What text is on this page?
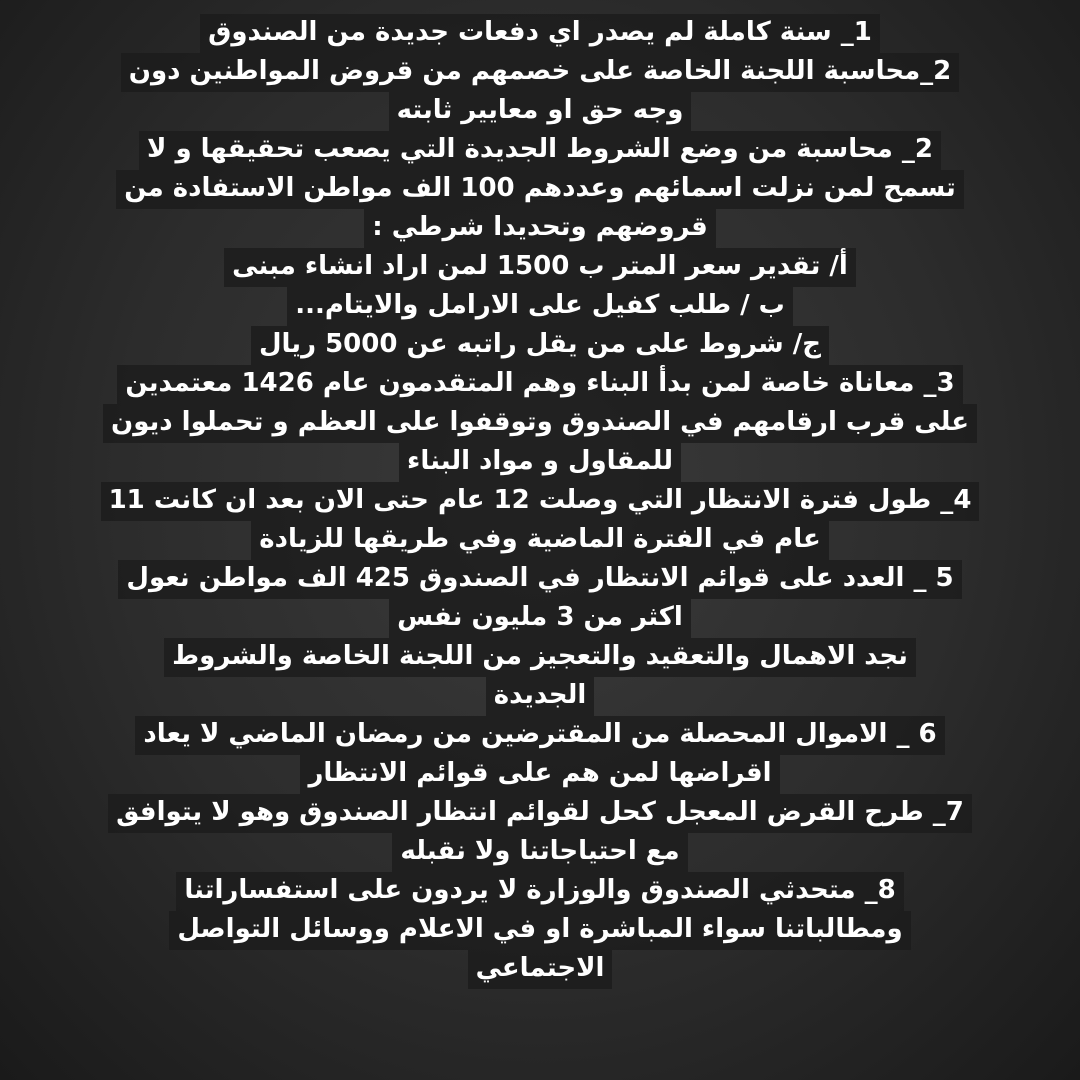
1_ سنة كاملة لم يصدر اي دفعات جديدة من الصندوق
2_محاسبة اللجنة الخاصة على خصمهم من قروض المواطنين دون
وجه حق او معايير ثابته
2_ محاسبة من وضع الشروط الجديدة التي يصعب تحقيقها و لا
تسمح لمن نزلت اسمائهم وعددهم 100 الف مواطن الاستفادة من
قروضهم وتحديدا شرطي :
أ/ تقدير سعر المتر ب 1500 لمن اراد انشاء مبنى
ب / طلب كفيل على الارامل والايتام...
ج/ شروط على من يقل راتبه عن 5000 ريال
3_ معاناة خاصة لمن بدأ البناء وهم المتقدمون عام 1426 معتمدين
على قرب ارقامهم في الصندوق وتوقفوا على العظم و تحملوا ديون
للمقاول و مواد البناء
4_ طول فترة الانتظار التي وصلت 12 عام حتى الان بعد ان كانت 11
عام في الفترة الماضية وفي طريقها للزيادة
5 _ العدد على قوائم الانتظار في الصندوق 425 الف مواطن نعول
اكثر من 3 مليون نفس
نجد الاهمال والتعقيد والتعجيز من اللجنة الخاصة والشروط
الجديدة
6 _ الاموال المحصلة من المقترضين من رمضان الماضي لا يعاد
اقراضها لمن هم على قوائم الانتظار
7_ طرح القرض المعجل كحل لقوائم انتظار الصندوق وهو لا يتوافق
مع احتياجاتنا ولا نقبله
8_ متحدثي الصندوق والوزارة لا يردون على استفساراتنا
ومطالباتنا سواء المباشرة او في الاعلام ووسائل التواصل
الاجتماعي
